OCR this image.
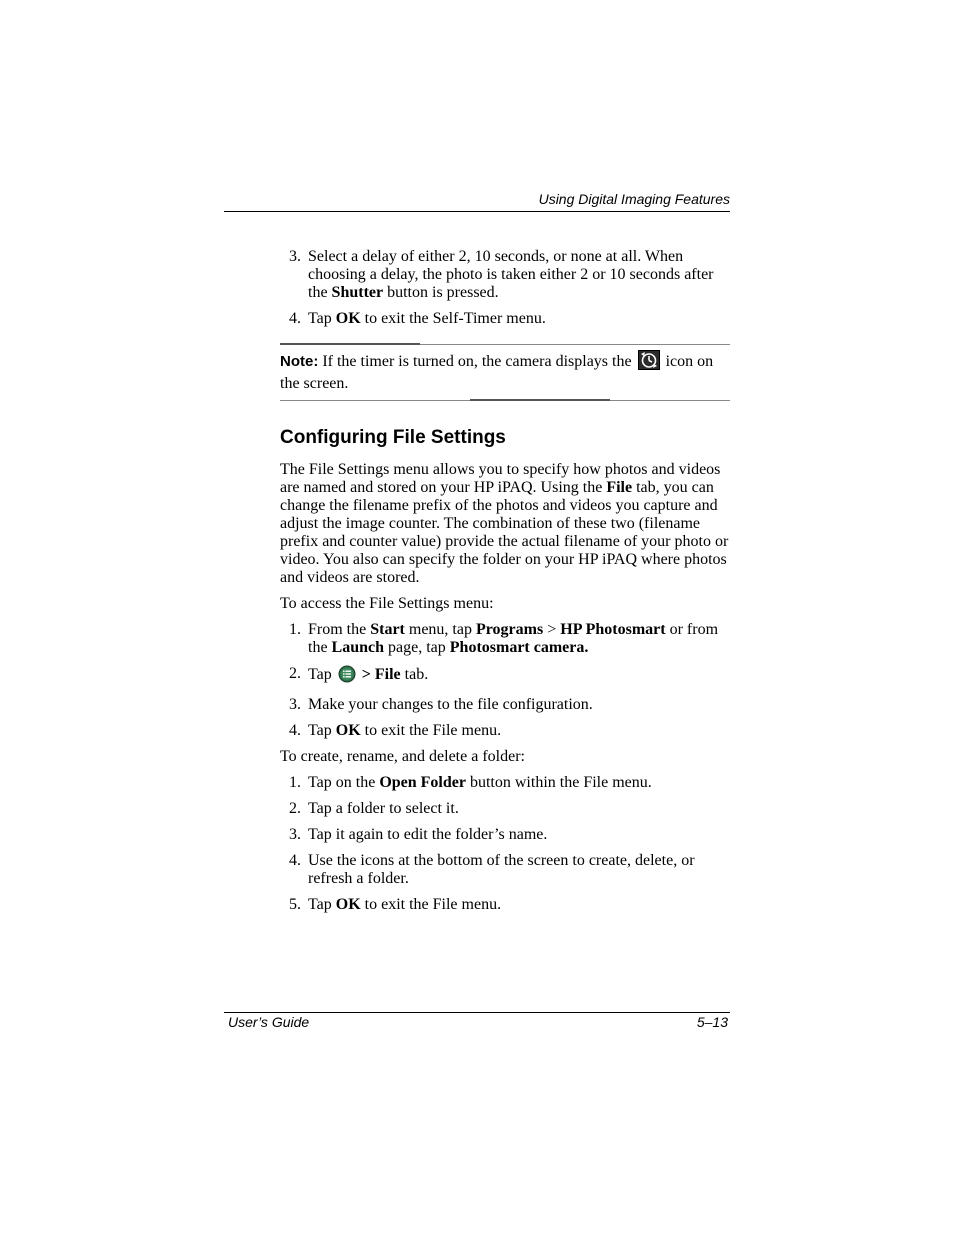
Using Digital Imaging Features
3. Select a delay of either 2, 10 seconds, or none at all. When choosing a delay, the photo is taken either 2 or 10 seconds after the Shutter button is pressed.
4. Tap OK to exit the Self-Timer menu.
Note: If the timer is turned on, the camera displays the  icon on the screen.
Configuring File Settings

The File Settings menu allows you to specify how photos and videos are named and stored on your HP iPAQ. Using the File tab, you can change the filename prefix of the photos and videos you capture and adjust the image counter. The combination of these two (filename prefix and counter value) provide the actual filename of your photo or video. You also can specify the folder on your HP iPAQ where photos and videos are stored.

To access the File Settings menu:

1. From the Start menu, tap Programs > HP Photosmart or from the Launch page, tap Photosmart camera.
2. Tap  > File tab.
3. Make your changes to the file configuration.
4. Tap OK to exit the File menu.

To create, rename, and delete a folder:

1. Tap on the Open Folder button within the File menu.
2. Tap a folder to select it.
3. Tap it again to edit the folder’s name.
4. Use the icons at the bottom of the screen to create, delete, or refresh a folder.
5. Tap OK to exit the File menu.
User’s Guide	5–13
